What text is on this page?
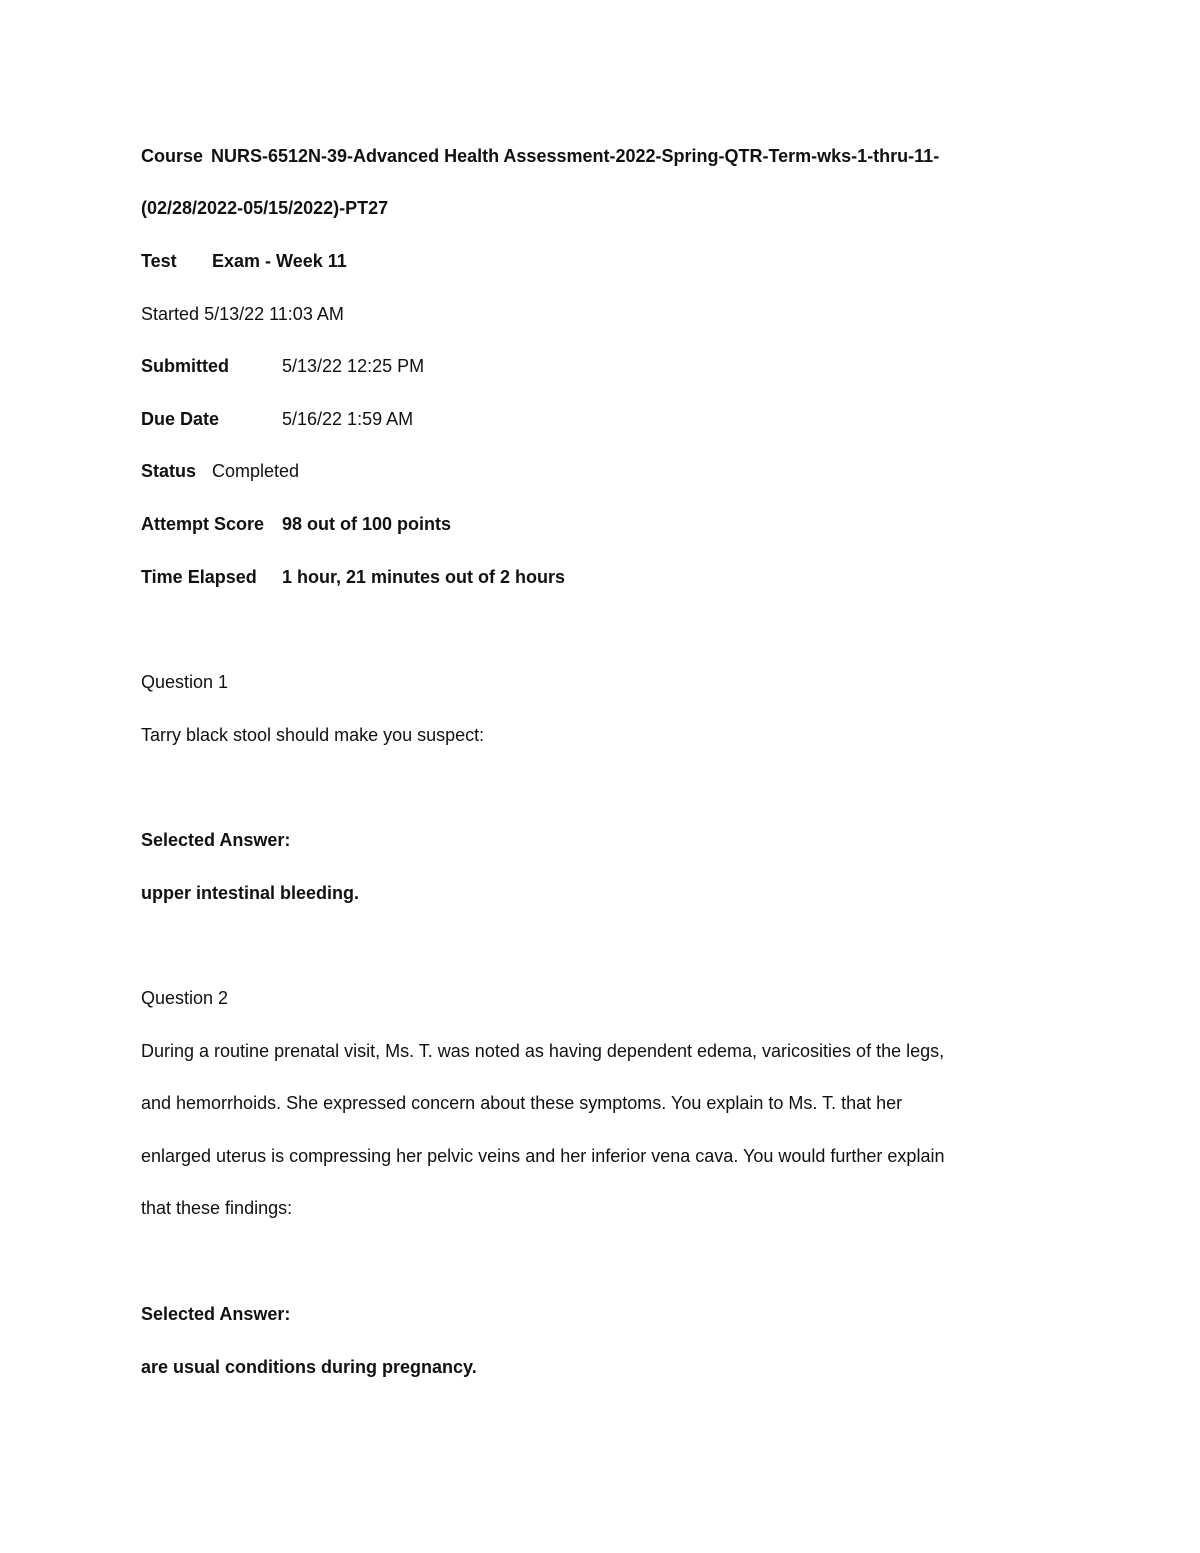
Course NURS-6512N-39-Advanced Health Assessment-2022-Spring-QTR-Term-wks-1-thru-11-
(02/28/2022-05/15/2022)-PT27
Test Exam - Week 11
Started 5/13/22 11:03 AM
Submitted	5/13/22 12:25 PM
Due Date	5/16/22 1:59 AM
Status Completed
Attempt Score 98 out of 100 points
Time Elapsed 1 hour, 21 minutes out of 2 hours
Question 1
Tarry black stool should make you suspect:
Selected Answer:
upper intestinal bleeding.
Question 2
During a routine prenatal visit, Ms. T. was noted as having dependent edema, varicosities of the legs,
and hemorrhoids. She expressed concern about these symptoms. You explain to Ms. T. that her
enlarged uterus is compressing her pelvic veins and her inferior vena cava. You would further explain
that these findings:
Selected Answer:
are usual conditions during pregnancy.
